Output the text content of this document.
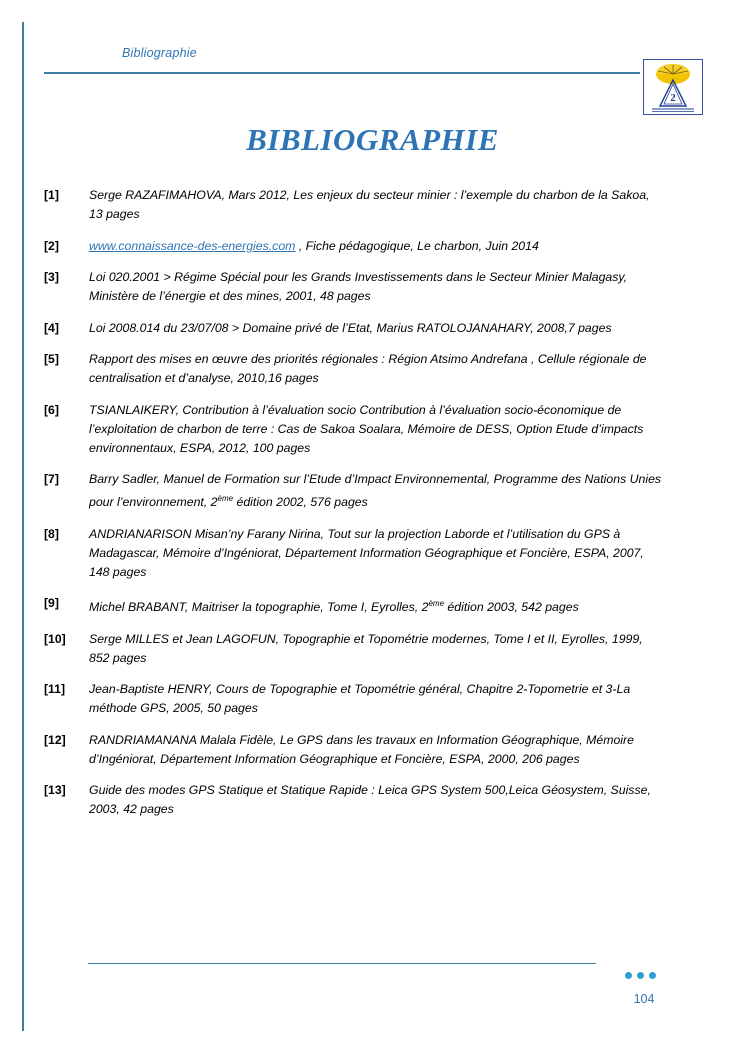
Bibliographie
2
BIBLIOGRAPHIE
[1]	Serge RAZAFIMAHOVA, Mars 2012, Les enjeux du secteur minier : l’exemple du charbon de la Sakoa, 13 pages
[2]	www.connaissance-des-energies.com , Fiche pédagogique, Le charbon, Juin 2014
[3]	Loi 020.2001 > Régime Spécial pour les Grands Investissements dans le Secteur Minier Malagasy, Ministère de l’énergie et des mines, 2001, 48 pages
[4]	Loi 2008.014 du 23/07/08 > Domaine privé de l’Etat, Marius RATOLOJANAHARY, 2008,7 pages
[5]	Rapport des mises en œuvre des priorités régionales : Région Atsimo Andrefana , Cellule régionale de centralisation et d’analyse, 2010,16 pages
[6]	TSIANLAIKERY, Contribution à l’évaluation socio Contribution à l’évaluation socio-économique de l’exploitation de charbon de terre : Cas de Sakoa Soalara, Mémoire de DESS, Option Etude d’impacts environnentaux, ESPA, 2012, 100 pages
[7]	Barry Sadler, Manuel de Formation sur l’Etude d’Impact Environnemental, Programme des Nations Unies pour l’environnement, 2ème édition 2002, 576 pages
[8]	ANDRIANARISON Misan’ny Farany Nirina, Tout sur la projection Laborde et l’utilisation du GPS à Madagascar, Mémoire d’Ingéniorat, Département Information Géographique et Foncière, ESPA, 2007, 148 pages
[9]	Michel BRABANT, Maitriser la topographie, Tome I, Eyrolles, 2ème édition 2003, 542 pages
[10]	Serge MILLES et Jean LAGOFUN, Topographie et Topométrie modernes, Tome I et II, Eyrolles, 1999, 852 pages
[11]	Jean-Baptiste HENRY, Cours de Topographie et Topométrie général, Chapitre 2-Topometrie et 3-La méthode GPS, 2005, 50 pages
[12]	RANDRIAMANANA Malala Fidèle, Le GPS dans les travaux en Information Géographique, Mémoire d’Ingéniorat, Département Information Géographique et Foncière, ESPA, 2000, 206 pages
[13]	Guide des modes GPS Statique et Statique Rapide : Leica GPS System 500,Leica Géosystem, Suisse, 2003, 42 pages
104
